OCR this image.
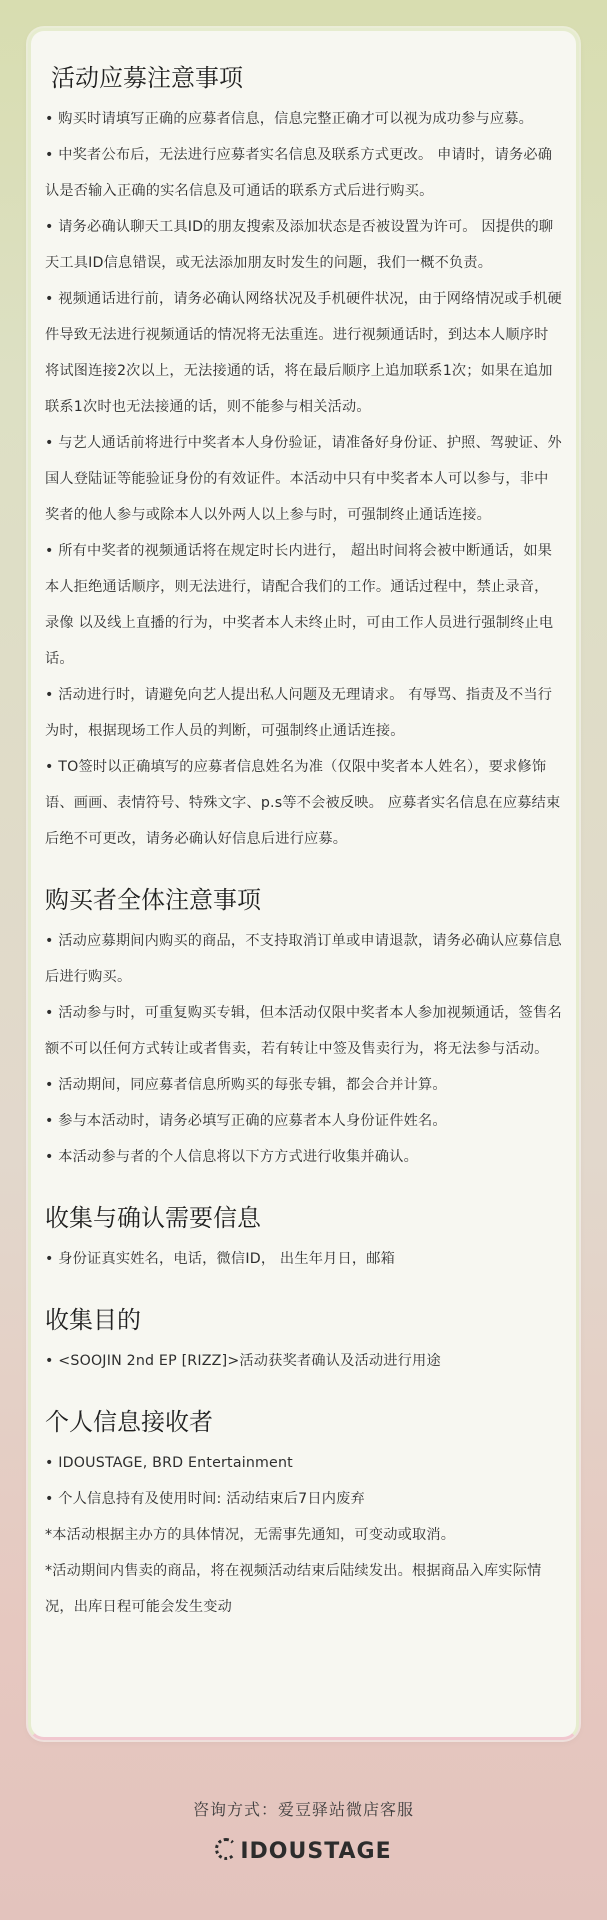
活动应募注意事项

• 购买时请填写正确的应募者信息，信息完整正确才可以视为成功参与应募。

• 中奖者公布后，无法进行应募者实名信息及联系方式更改。 申请时，请务必确认是否输入正确的实名信息及可通话的联系方式后进行购买。

• 请务必确认聊天工具ID的朋友搜索及添加状态是否被设置为许可。 因提供的聊天工具ID信息错误，或无法添加朋友时发生的问题，我们一概不负责。

• 视频通话进行前，请务必确认网络状况及手机硬件状况，由于网络情况或手机硬件导致无法进行视频通话的情况将无法重连。进行视频通话时，到达本人顺序时将试图连接2次以上，无法接通的话，将在最后顺序上追加联系1次；如果在追加联系1次时也无法接通的话，则不能参与相关活动。

• 与艺人通话前将进行中奖者本人身份验证，请准备好身份证、护照、驾驶证、外国人登陆证等能验证身份的有效证件。本活动中只有中奖者本人可以参与，非中奖者的他人参与或除本人以外两人以上参与时，可强制终止通话连接。

• 所有中奖者的视频通话将在规定时长内进行， 超出时间将会被中断通话，如果本人拒绝通话顺序，则无法进行，请配合我们的工作。通话过程中，禁止录音，录像 以及线上直播的行为，中奖者本人未终止时，可由工作人员进行强制终止电话。

• 活动进行时，请避免向艺人提出私人问题及无理请求。 有辱骂、指责及不当行为时，根据现场工作人员的判断，可强制终止通话连接。

• TO签时以正确填写的应募者信息姓名为准（仅限中奖者本人姓名），要求修饰语、画画、表情符号、特殊文字、p.s等不会被反映。 应募者实名信息在应募结束后绝不可更改，请务必确认好信息后进行应募。

购买者全体注意事项

• 活动应募期间内购买的商品，不支持取消订单或申请退款，请务必确认应募信息后进行购买。

• 活动参与时，可重复购买专辑，但本活动仅限中奖者本人参加视频通话，签售名额不可以任何方式转让或者售卖，若有转让中签及售卖行为，将无法参与活动。

• 活动期间，同应募者信息所购买的每张专辑，都会合并计算。

• 参与本活动时，请务必填写正确的应募者本人身份证件姓名。

• 本活动参与者的个人信息将以下方方式进行收集并确认。

收集与确认需要信息

• 身份证真实姓名，电话，微信ID， 出生年月日，邮箱

收集目的

• <SOOJIN 2nd EP [RIZZ]>活动获奖者确认及活动进行用途

个人信息接收者

• IDOUSTAGE, BRD Entertainment

• 个人信息持有及使用时间: 活动结束后7日内废弃

*本活动根据主办方的具体情况，无需事先通知，可变动或取消。

*活动期间内售卖的商品，将在视频活动结束后陆续发出。根据商品入库实际情况，出库日程可能会发生变动

咨询方式：爱豆驿站微店客服
IDOUSTAGE
